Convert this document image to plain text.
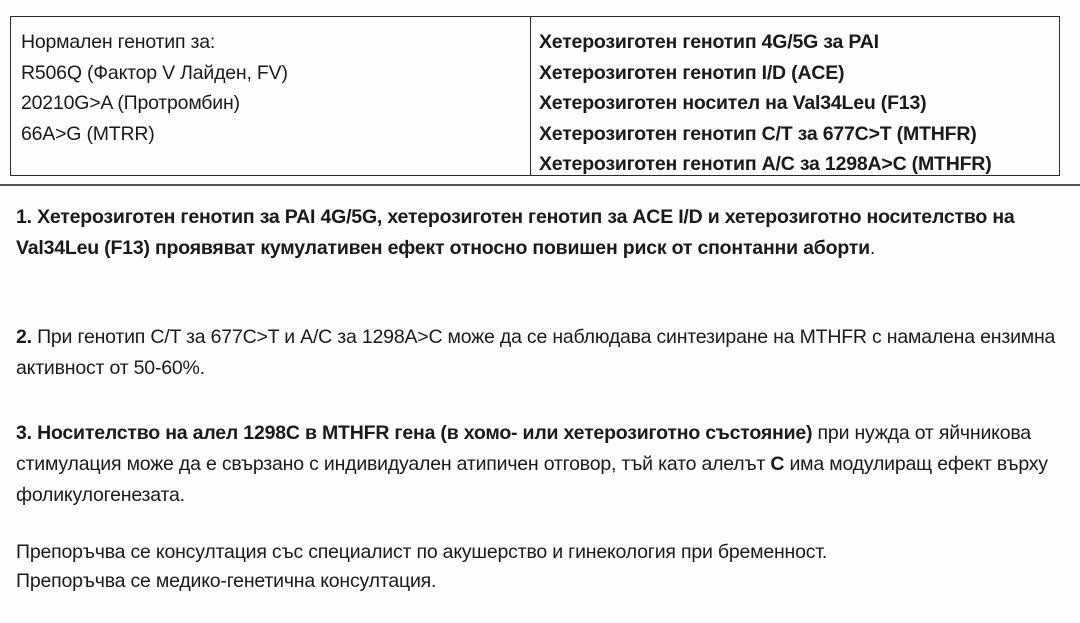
Нормален генотип за:
R506Q (Фактор V Лайден, FV)
20210G>A (Протромбин)
66A>G (MTRR)
Хетерозиготен генотип 4G/5G за PAI
Хетерозиготен генотип I/D (ACE)
Хетерозиготен носител на Val34Leu (F13)
Хетерозиготен генотип C/T за 677C>T (MTHFR)
Хетерозиготен генотип A/C за 1298A>C (MTHFR)
1. Хетерозиготен генотип за PAI 4G/5G, хетерозиготен генотип за ACE I/D и хетерозиготно носителство на Val34Leu (F13) проявяват кумулативен ефект относно повишен риск от спонтанни аборти.
2. При генотип C/T за 677C>T и A/C за 1298A>C може да се наблюдава синтезиране на MTHFR с намалена ензимна активност от 50-60%.
3. Носителство на алел 1298С в MTHFR гена (в хомо- или хетерозиготно състояние) при нужда от яйчникова стимулация може да е свързано с индивидуален атипичен отговор, тъй като алелът С има модулиращ ефект върху фоликулогенезата.
Препоръчва се консултация със специалист по акушерство и гинекология при бременност.
Препоръчва се медико-генетична консултация.
